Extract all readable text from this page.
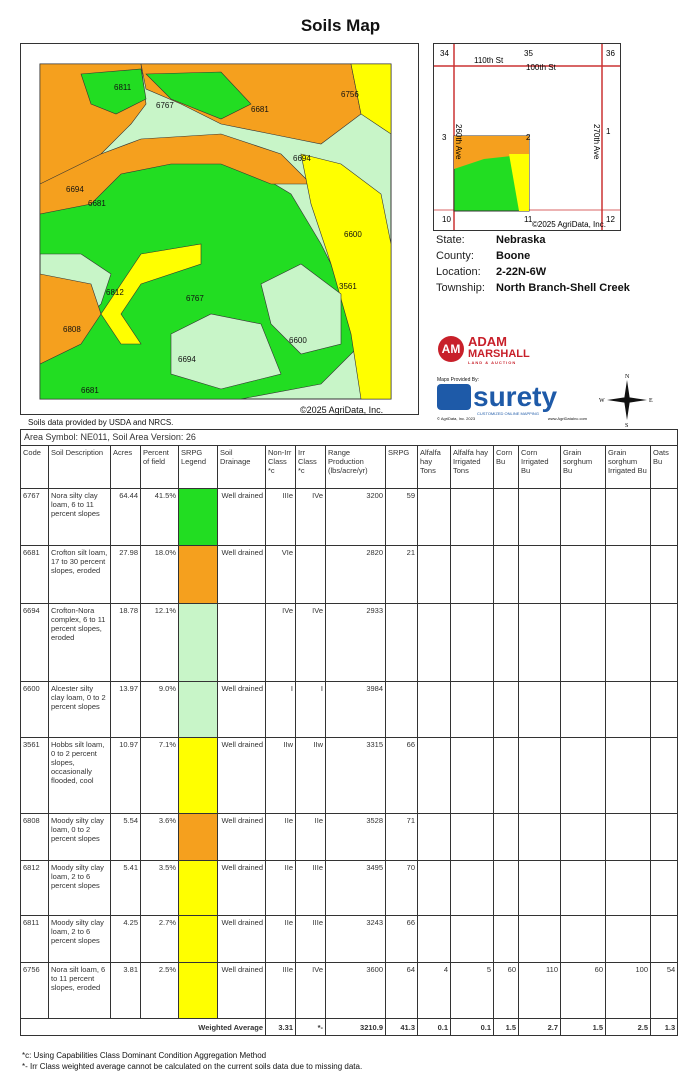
Soils Map
6811
6767	6681
6756
6694
6694
6681
6600
3561
6812
6767
6808
6694
6600
6681
©2025 AgriData, Inc.
34	35	36
3	2
1
10	11	12
110th St
100th St
260th Ave	270th Ave
©2025 AgriData, Inc.
State:	Nebraska
County: Boone
Location: 2-22N-6W
Township: North Branch-Shell Creek
AM ADAM
MARSHALL
LAND & AUCTION
Maps Provided By:
surety
CUSTOMIZED ONLINE MAPPING
© AgriData, Inc. 2023	www.AgriDataInc.com
N
S
W	E
Soils data provided by USDA and NRCS.
Area Symbol: NE011, Soil Area Version: 26																
Code	Soil Description	Acres	Percent of field	SRPG Legend	Soil Drainage	Non-Irr Class *c	Irr Class *c	Range Production (lbs/acre/yr)	SRPG	Alfalfa hay Tons	Alfalfa hay Irrigated Tons	Corn Bu	Corn Irrigated Bu	Grain sorghum Bu	Grain sorghum Irrigated Bu	Oats Bu
6767	Nora silty clay loam, 6 to 11 percent slopes	64.44	41.5%		Well drained	IIIe	IVe	3200	59							
6681	Crofton silt loam, 17 to 30 percent slopes, eroded	27.98	18.0%		Well drained	VIe		2820	21							
6694	Crofton-Nora complex, 6 to 11 percent slopes, eroded	18.78	12.1%			IVe	IVe	2933								
6600	Alcester silty clay loam, 0 to 2 percent slopes	13.97	9.0%		Well drained	I	I	3984								
3561	Hobbs silt loam, 0 to 2 percent slopes, occasionally flooded, cool	10.97	7.1%		Well drained	IIw	IIw	3315	66							
6808	Moody silty clay loam, 0 to 2 percent slopes	5.54	3.6%		Well drained	IIe	IIe	3528	71							
6812	Moody silty clay loam, 2 to 6 percent slopes	5.41	3.5%		Well drained	IIe	IIIe	3495	70							
6811	Moody silty clay loam, 2 to 6 percent slopes	4.25	2.7%		Well drained	IIe	IIIe	3243	66							
6756	Nora silt loam, 6 to 11 percent slopes, eroded	3.81	2.5%		Well drained	IIIe	IVe	3600	64	4	5	60	110	60	100	54
Weighted Average						3.31	*-	3210.9	41.3	0.1	0.1	1.5	2.7	1.5	2.5	1.3
*c: Using Capabilities Class Dominant Condition Aggregation Method
*- Irr Class weighted average cannot be calculated on the current soils data due to missing data.
